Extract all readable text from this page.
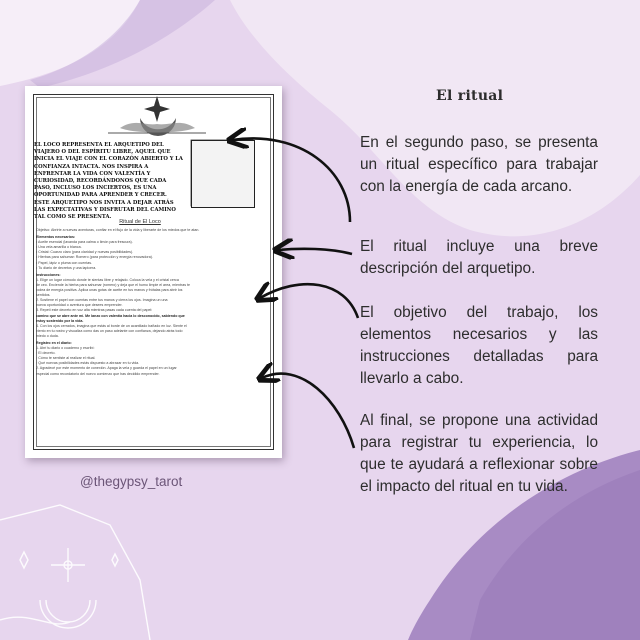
EL LOCO REPRESENTA EL ARQUETIPO DEL VIAJERO O DEL ESPÍRITU LIBRE, AQUEL QUE INICIA EL VIAJE CON EL CORAZÓN ABIERTO Y LA CONFIANZA INTACTA. NOS INSPIRA A ENFRENTAR LA VIDA CON VALENTÍA Y CURIOSIDAD, RECORDÁNDONOS QUE CADA PASO, INCLUSO LOS INCIERTOS, ES UNA OPORTUNIDAD PARA APRENDER Y CRECER. ESTE ARQUETIPO NOS INVITA A DEJAR ATRÁS LAS EXPECTATIVAS Y DISFRUTAR DEL CAMINO TAL COMO SE PRESENTA.
Ritual de El Loco
Objetivo: Abrirte a nuevas aventuras, confiar en el flujo de la vida y liberarte de los miedos que te atan.
Elementos necesarios:
• Aceite esencial (lavanda para calma o limón para frescura).
• Una vela amarilla o blanca.
• Cristal: Cuarzo claro (para claridad y nuevas posibilidades).
• Hierbas para sahumar: Romero (para protección y energía renovadora).
• Papel, lápiz o pluma con cuentas.
• Tu diario de decretos y una lapicera.
Instrucciones:
1. Elige un lugar cómodo donde te sientas libre y relajado. Coloca la vela y el cristal cerca
de ceo. Enciende la hierba para sahumar (romero) y deja que el humo limpie el area, mientras te
rodea de energía positiva. Aplica unas gotas de aceite en tus manos y frótalas para abrir los
sentidos.
2. Sostiene el papel con cuentas entre tus manos y cierra los ojos. Imagina un una
nueva oportunidad o aventura que desees emprender.
3. Repetí este decreto en voz alta mientras pasas cada cuenta del papel:
camino que se abre ante mí. Me lanzo con valentía hacia lo desconocido, sabiendo que
estoy sostenido por la vida.
4. Con los ojos cerrados, imagina que estás al borde de un acantilado bañado en luz. Siente el
viento en tu rostro y visualiza como das un paso adelante con confianza, dejando atrás todo
miedo o duda.
Registro en el diario:
1. Abrí tu diario o cuaderno y escribí:
◦ El decreto.
◦ Cómo te sentiste al realizar el ritual.
◦ Qué nuevas posibilidades estás dispuesto a abrazar en tu vida.
2. Agradecé por este momento de conexión. Apaga la vela y guarda el papel en un lugar
especial como recordatorio del nuevo comienzo que has decidido emprender.
@thegypsy_tarot
El ritual
En el segundo paso, se presenta un ritual específico para trabajar con la energía de cada arcano.
El ritual incluye una breve descripción del arquetipo.
El objetivo del trabajo, los elementos necesarios y las instrucciones detalladas para llevarlo a cabo.
Al final, se propone una actividad para registrar tu experiencia, lo que te ayudará a reflexionar sobre el impacto del ritual en tu vida.
